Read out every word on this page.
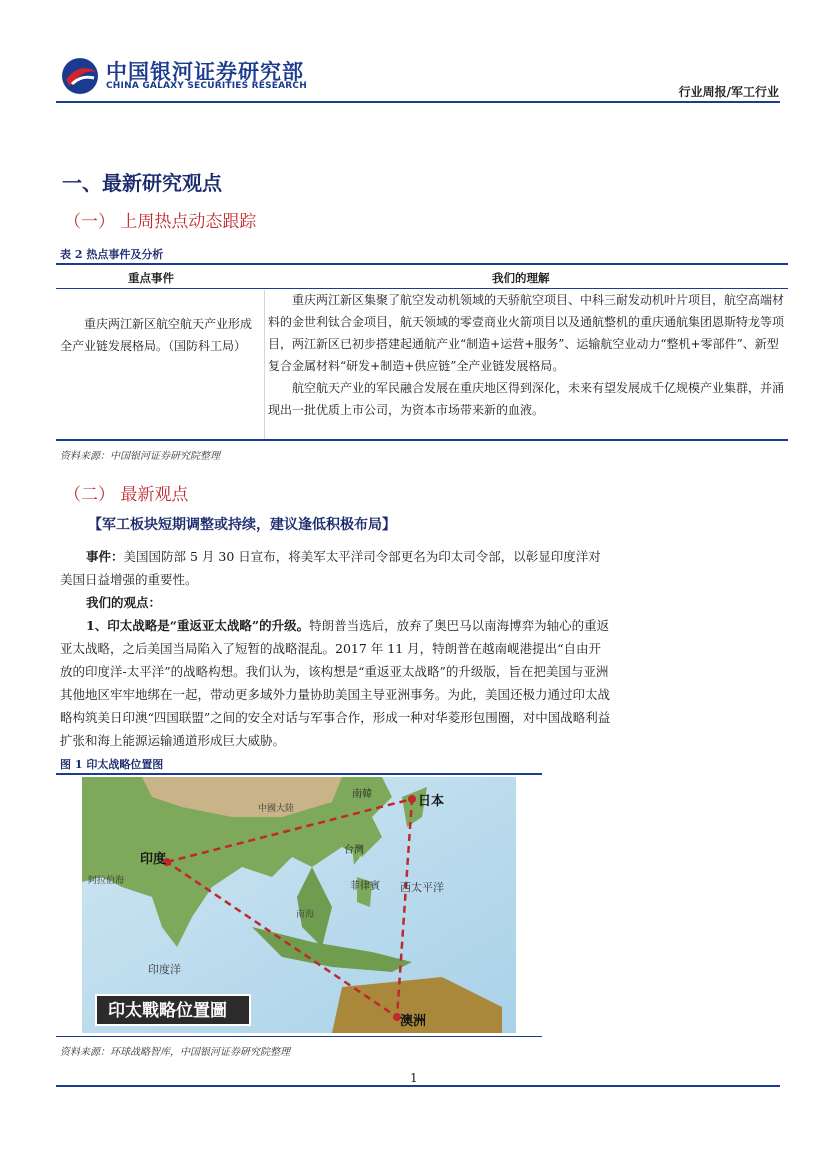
中国银河证券研究部
CHINA GALAXY SECURITIES RESEARCH	行业周报/军工行业
一、最新研究观点
（一） 上周热点动态跟踪
表 2 热点事件及分析
重点事件	我们的理解
重庆两江新区航空航天产业形成全产业链发展格局。（国防科工局）

重庆两江新区集聚了航空发动机领域的天骄航空项目、中科三耐发动机叶片项目，航空高端材料的金世利钛合金项目，航天领域的零壹商业火箭项目以及通航整机的重庆通航集团恩斯特龙等项目，两江新区已初步搭建起通航产业“制造+运营+服务”、运输航空业动力“整机+零部件”、新型复合金属材料“研发+制造+供应链”全产业链发展格局。

航空航天产业的军民融合发展在重庆地区得到深化，未来有望发展成千亿规模产业集群，并涌现出一批优质上市公司，为资本市场带来新的血液。

资料来源：中国银河证券研究院整理
（二） 最新观点
【军工板块短期调整或持续，建议逢低积极布局】

事件：美国国防部 5 月 30 日宣布，将美军太平洋司令部更名为印太司令部，以彰显印度洋对美国日益增强的重要性。

我们的观点：

1、印太战略是“重返亚太战略”的升级。特朗普当选后，放弃了奥巴马以南海博弈为轴心的重返亚太战略，之后美国当局陷入了短暂的战略混乱。2017 年 11 月，特朗普在越南岘港提出“自由开放的印度洋-太平洋”的战略构想。我们认为，该构想是“重返亚太战略”的升级版，旨在把美国与亚洲其他地区牢牢地绑在一起，带动更多域外力量协助美国主导亚洲事务。为此，美国还极力通过印太战略构筑美日印澳“四国联盟”之间的安全对话与军事合作，形成一种对华菱形包围圈，对中国战略利益扩张和海上能源运输通道形成巨大威胁。

图 1 印太战略位置图
印度
日本
澳洲
南韓
中國大陸
台灣
菲律賓 西太平洋
南海
印度洋
阿拉伯海
印太戰略位置圖
资料来源：环球战略智库，中国银河证券研究院整理
1
